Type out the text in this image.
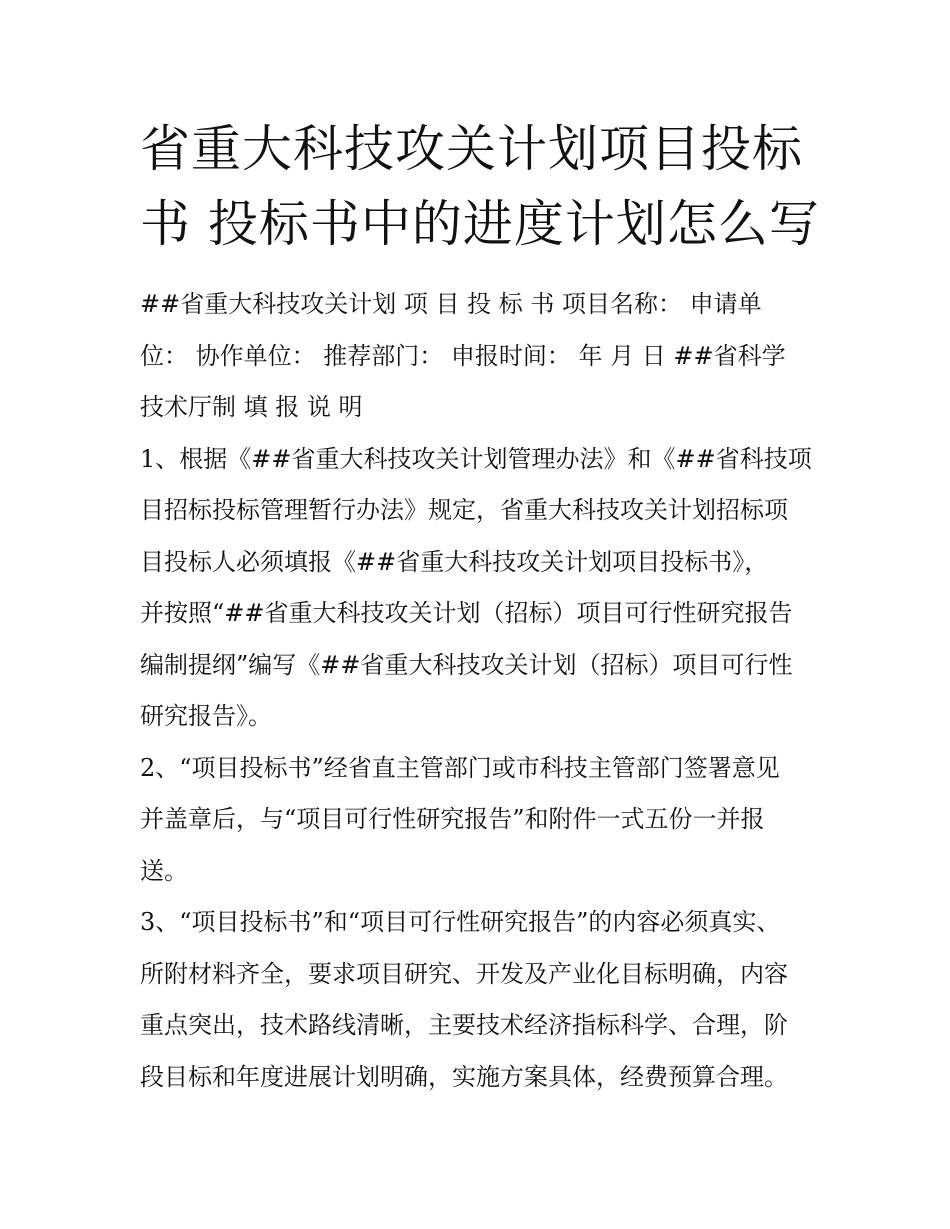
省重大科技攻关计划项目投标
书 投标书中的进度计划怎么写

##省重大科技攻关计划 项 目 投 标 书 项目名称： 申请单
位： 协作单位： 推荐部门： 申报时间： 年 月 日 ##省科学
技术厅制 填 报 说 明

1、根据《##省重大科技攻关计划管理办法》和《##省科技项
目招标投标管理暂行办法》规定，省重大科技攻关计划招标项
目投标人必须填报《##省重大科技攻关计划项目投标书》，
并按照“##省重大科技攻关计划（招标）项目可行性研究报告
编制提纲”编写《##省重大科技攻关计划（招标）项目可行性
研究报告》。

2、“项目投标书”经省直主管部门或市科技主管部门签署意见
并盖章后，与“项目可行性研究报告”和附件一式五份一并报
送。

3、“项目投标书”和“项目可行性研究报告”的内容必须真实、
所附材料齐全，要求项目研究、开发及产业化目标明确，内容
重点突出，技术路线清晰，主要技术经济指标科学、合理，阶
段目标和年度进展计划明确，实施方案具体，经费预算合理。
